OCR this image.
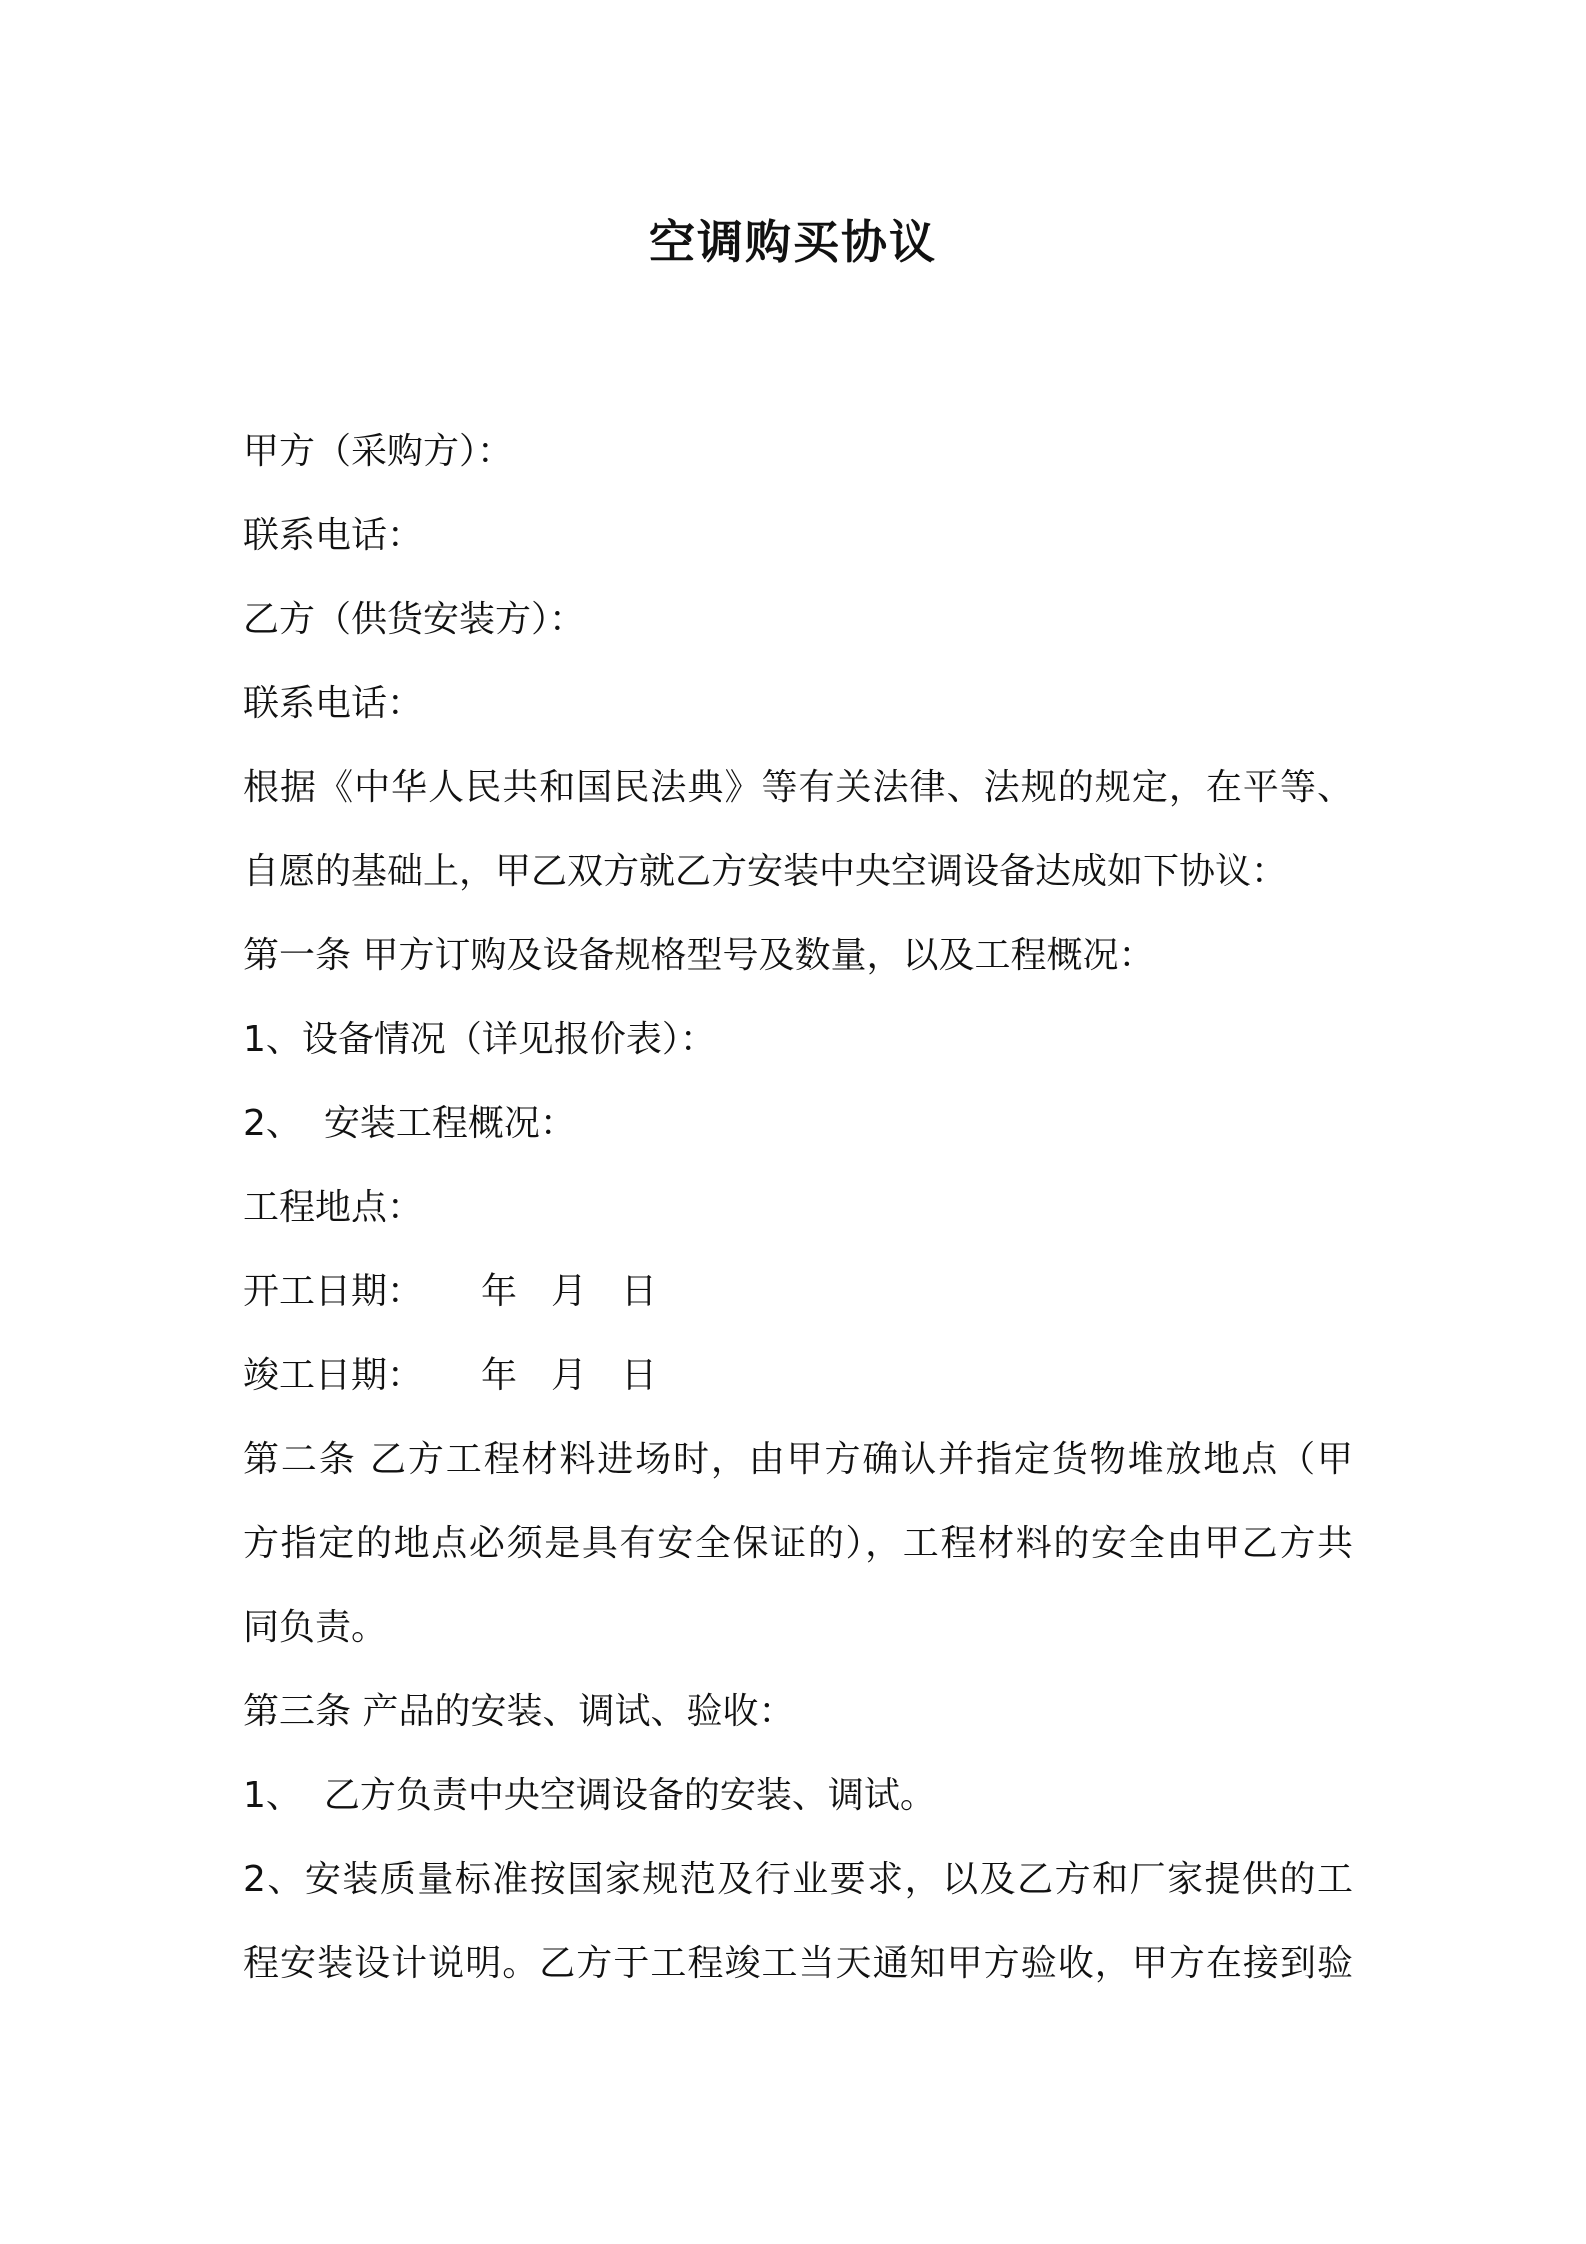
空调购买协议

甲方（采购方）：

联系电话：

乙方（供货安装方）：

联系电话：

根据《中华人民共和国民法典》等有关法律、法规的规定，在平等、

自愿的基础上，甲乙双方就乙方安装中央空调设备达成如下协议：

第一条 甲方订购及设备规格型号及数量，以及工程概况：

1、设备情况（详见报价表）：

2、 安装工程概况：

工程地点：

开工日期： 年 月 日

竣工日期： 年 月 日

第二条 乙方工程材料进场时，由甲方确认并指定货物堆放地点（甲

方指定的地点必须是具有安全保证的），工程材料的安全由甲乙方共

同负责。

第三条 产品的安装、调试、验收：

1、 乙方负责中央空调设备的安装、调试。

2、安装质量标准按国家规范及行业要求，以及乙方和厂家提供的工

程安装设计说明。乙方于工程竣工当天通知甲方验收，甲方在接到验
